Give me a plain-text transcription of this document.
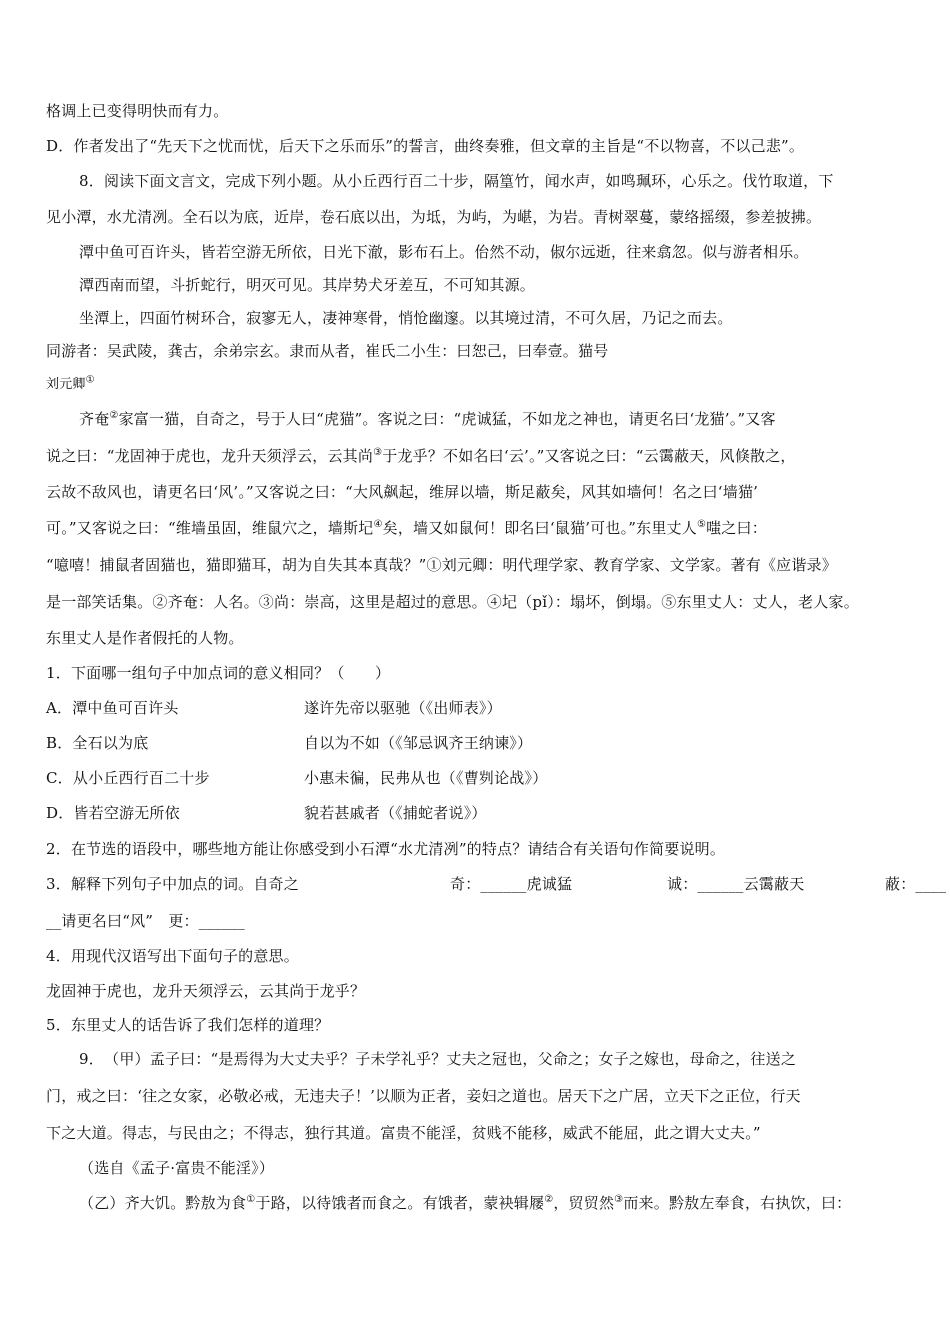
格调上已变得明快而有力。
D．作者发出了“先天下之忧而忧，后天下之乐而乐”的誓言，曲终奏雅，但文章的主旨是“不以物喜，不以己悲”。
8．阅读下面文言文，完成下列小题。从小丘西行百二十步，隔篁竹，闻水声，如鸣珮环，心乐之。伐竹取道，下
见小潭，水尤清冽。全石以为底，近岸，卷石底以出，为坻，为屿，为嵁，为岩。青树翠蔓，蒙络摇缀，参差披拂。
潭中鱼可百许头，皆若空游无所依，日光下澈，影布石上。佁然不动，俶尔远逝，往来翕忽。似与游者相乐。
潭西南而望，斗折蛇行，明灭可见。其岸势犬牙差互，不可知其源。
坐潭上，四面竹树环合，寂寥无人，凄神寒骨，悄怆幽邃。以其境过清，不可久居，乃记之而去。
同游者：吴武陵，龚古，余弟宗玄。隶而从者，崔氏二小生：曰恕己，曰奉壹。猫号
刘元卿①
齐奄②家富一猫，自奇之，号于人曰“虎猫”。客说之曰：“虎诚猛，不如龙之神也，请更名曰‘龙猫’。”又客
说之曰：“龙固神于虎也，龙升天须浮云，云其尚③于龙乎？不如名曰‘云’。”又客说之曰：“云霭蔽天，风倏散之，
云故不敌风也，请更名曰‘风’。”又客说之曰：“大风飙起，维屏以墙，斯足蔽矣，风其如墙何！名之曰‘墙猫’
可。”又客说之曰：“维墙虽固，维鼠穴之，墙斯圮④矣，墙又如鼠何！即名曰‘鼠猫’可也。”东里丈人⑤嗤之曰：
“噫嘻！捕鼠者固猫也，猫即猫耳，胡为自失其本真哉？”①刘元卿：明代理学家、教育学家、文学家。著有《应谐录》
是一部笑话集。②齐奄：人名。③尚：崇高，这里是超过的意思。④圮（pǐ）：塌坏，倒塌。⑤东里丈人：丈人，老人家。
东里丈人是作者假托的人物。
1．下面哪一组句子中加点词的意义相同？（　　）
A．潭中鱼可百许头	遂许先帝以驱驰（《出师表》）
B．全石以为底	自以为不如（《邹忌讽齐王纳谏》）
C．从小丘西行百二十步	小惠未徧，民弗从也（《曹刿论战》）
D．皆若空游无所依	貌若甚戚者（《捕蛇者说》）
2．在节选的语段中，哪些地方能让你感受到小石潭“水尤清冽”的特点？请结合有关语句作简要说明。
3．解释下列句子中加点的词。自奇之	奇：______虎诚猛	诚：______云霭蔽天	蔽：____
__请更名曰“风”　更：______
4．用现代汉语写出下面句子的意思。
龙固神于虎也，龙升天须浮云，云其尚于龙乎？
5．东里丈人的话告诉了我们怎样的道理？
9．　（甲）孟子曰：“是焉得为大丈夫乎？子未学礼乎？丈夫之冠也，父命之；女子之嫁也，母命之，往送之
门，戒之曰：‘往之女家，必敬必戒，无违夫子！’以顺为正者，妾妇之道也。居天下之广居，立天下之正位，行天
下之大道。得志，与民由之；不得志，独行其道。富贵不能淫，贫贱不能移，威武不能屈，此之谓大丈夫。”
（选自《孟子·富贵不能淫》）
（乙）齐大饥。黔敖为食①于路，以待饿者而食之。有饿者，蒙袂辑屦②，贸贸然③而来。黔敖左奉食，右执饮，曰：
